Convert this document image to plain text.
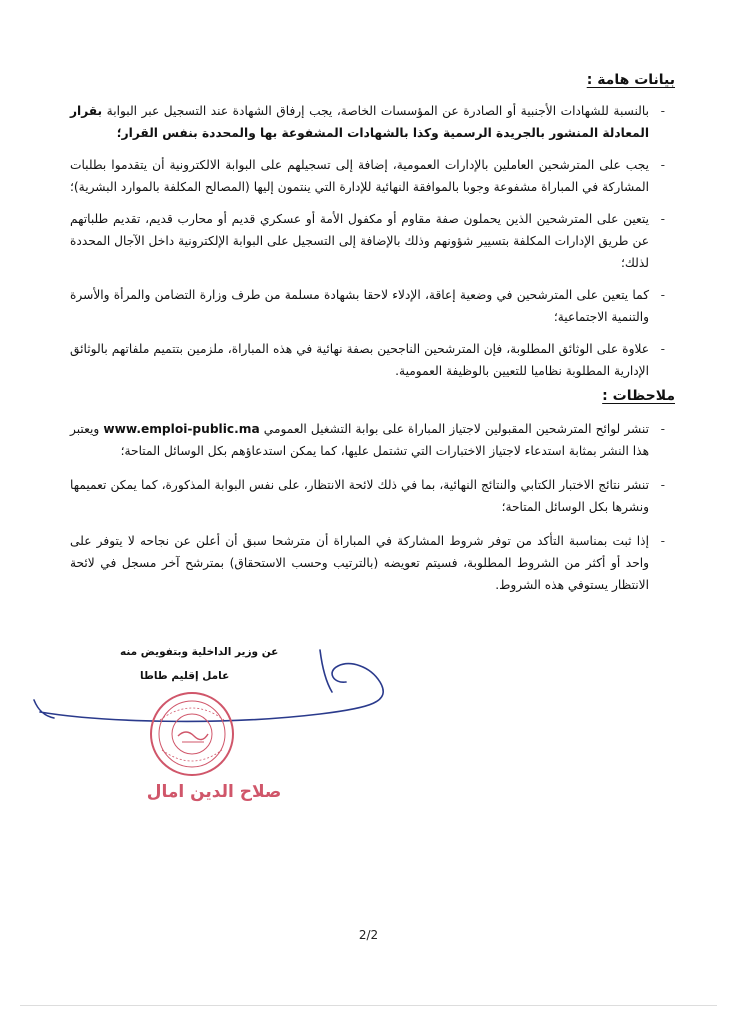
بيانات هامة :
- بالنسبة للشهادات الأجنبية أو الصادرة عن المؤسسات الخاصة، يجب إرفاق الشهادة عند التسجيل عبر البوابة بقرار المعادلة المنشور بالجريدة الرسمية وكذا بالشهادات المشفوعة بها والمحددة بنفس القرار؛
- يجب على المترشحين العاملين بالإدارات العمومية، إضافة إلى تسجيلهم على البوابة الالكترونية أن يتقدموا بطلبات المشاركة في المباراة مشفوعة وجوبا بالموافقة النهائية للإدارة التي ينتمون إليها (المصالح المكلفة بالموارد البشرية)؛
- يتعين على المترشحين الذين يحملون صفة مقاوم أو مكفول الأمة أو عسكري قديم أو محارب قديم، تقديم طلباتهم عن طريق الإدارات المكلفة بتسيير شؤونهم وذلك بالإضافة إلى التسجيل على البوابة الإلكترونية داخل الآجال المحددة لذلك؛
- كما يتعين على المترشحين في وضعية إعاقة، الإدلاء لاحقا بشهادة مسلمة من طرف وزارة التضامن والمرأة والأسرة والتنمية الاجتماعية؛
- علاوة على الوثائق المطلوبة، فإن المترشحين الناجحين بصفة نهائية في هذه المباراة، ملزمين بتتميم ملفاتهم بالوثائق الإدارية المطلوبة نظاميا للتعيين بالوظيفة العمومية.
ملاحظات :
- تنشر لوائح المترشحين المقبولين لاجتياز المباراة على بوابة التشغيل العمومي www.emploi-public.ma ويعتبر هذا النشر بمثابة استدعاء لاجتياز الاختبارات التي تشتمل عليها، كما يمكن استدعاؤهم بكل الوسائل المتاحة؛
- تنشر نتائج الاختبار الكتابي والنتائج النهائية، بما في ذلك لائحة الانتظار، على نفس البوابة المذكورة، كما يمكن تعميمها ونشرها بكل الوسائل المتاحة؛
- إذا ثبت بمناسبة التأكد من توفر شروط المشاركة في المباراة أن مترشحا سبق أن أعلن عن نجاحه لا يتوفر على واحد أو أكثر من الشروط المطلوبة، فسيتم تعويضه (بالترتيب وحسب الاستحقاق) بمترشح آخر مسجل في لائحة الانتظار يستوفي هذه الشروط.
عن وزير الداخلية وبتفويض منه
عامل إقليم طاطا
صلاح الدين امال
2/2
